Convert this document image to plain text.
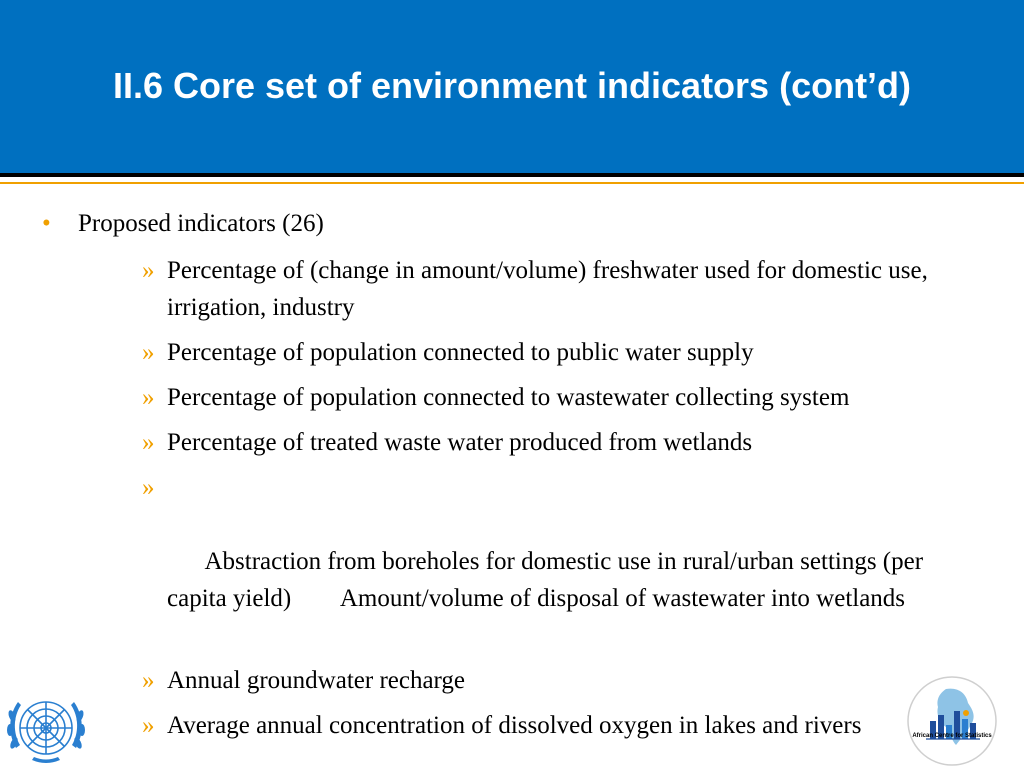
II.6 Core set of environment indicators (cont’d)
• Proposed indicators (26)
» Percentage of (change in amount/volume) freshwater used for domestic use, irrigation, industry
» Percentage of population connected to public water supply
» Percentage of population connected to wastewater collecting system
» Percentage of treated waste water produced from wetlands

»

Abstraction from boreholes for domestic use in rural/urban settings (per capita yield)        Amount/volume of disposal of wastewater into wetlands

» Annual groundwater recharge
» Average annual concentration of dissolved oxygen in lakes and rivers	African Centre for Statistics
